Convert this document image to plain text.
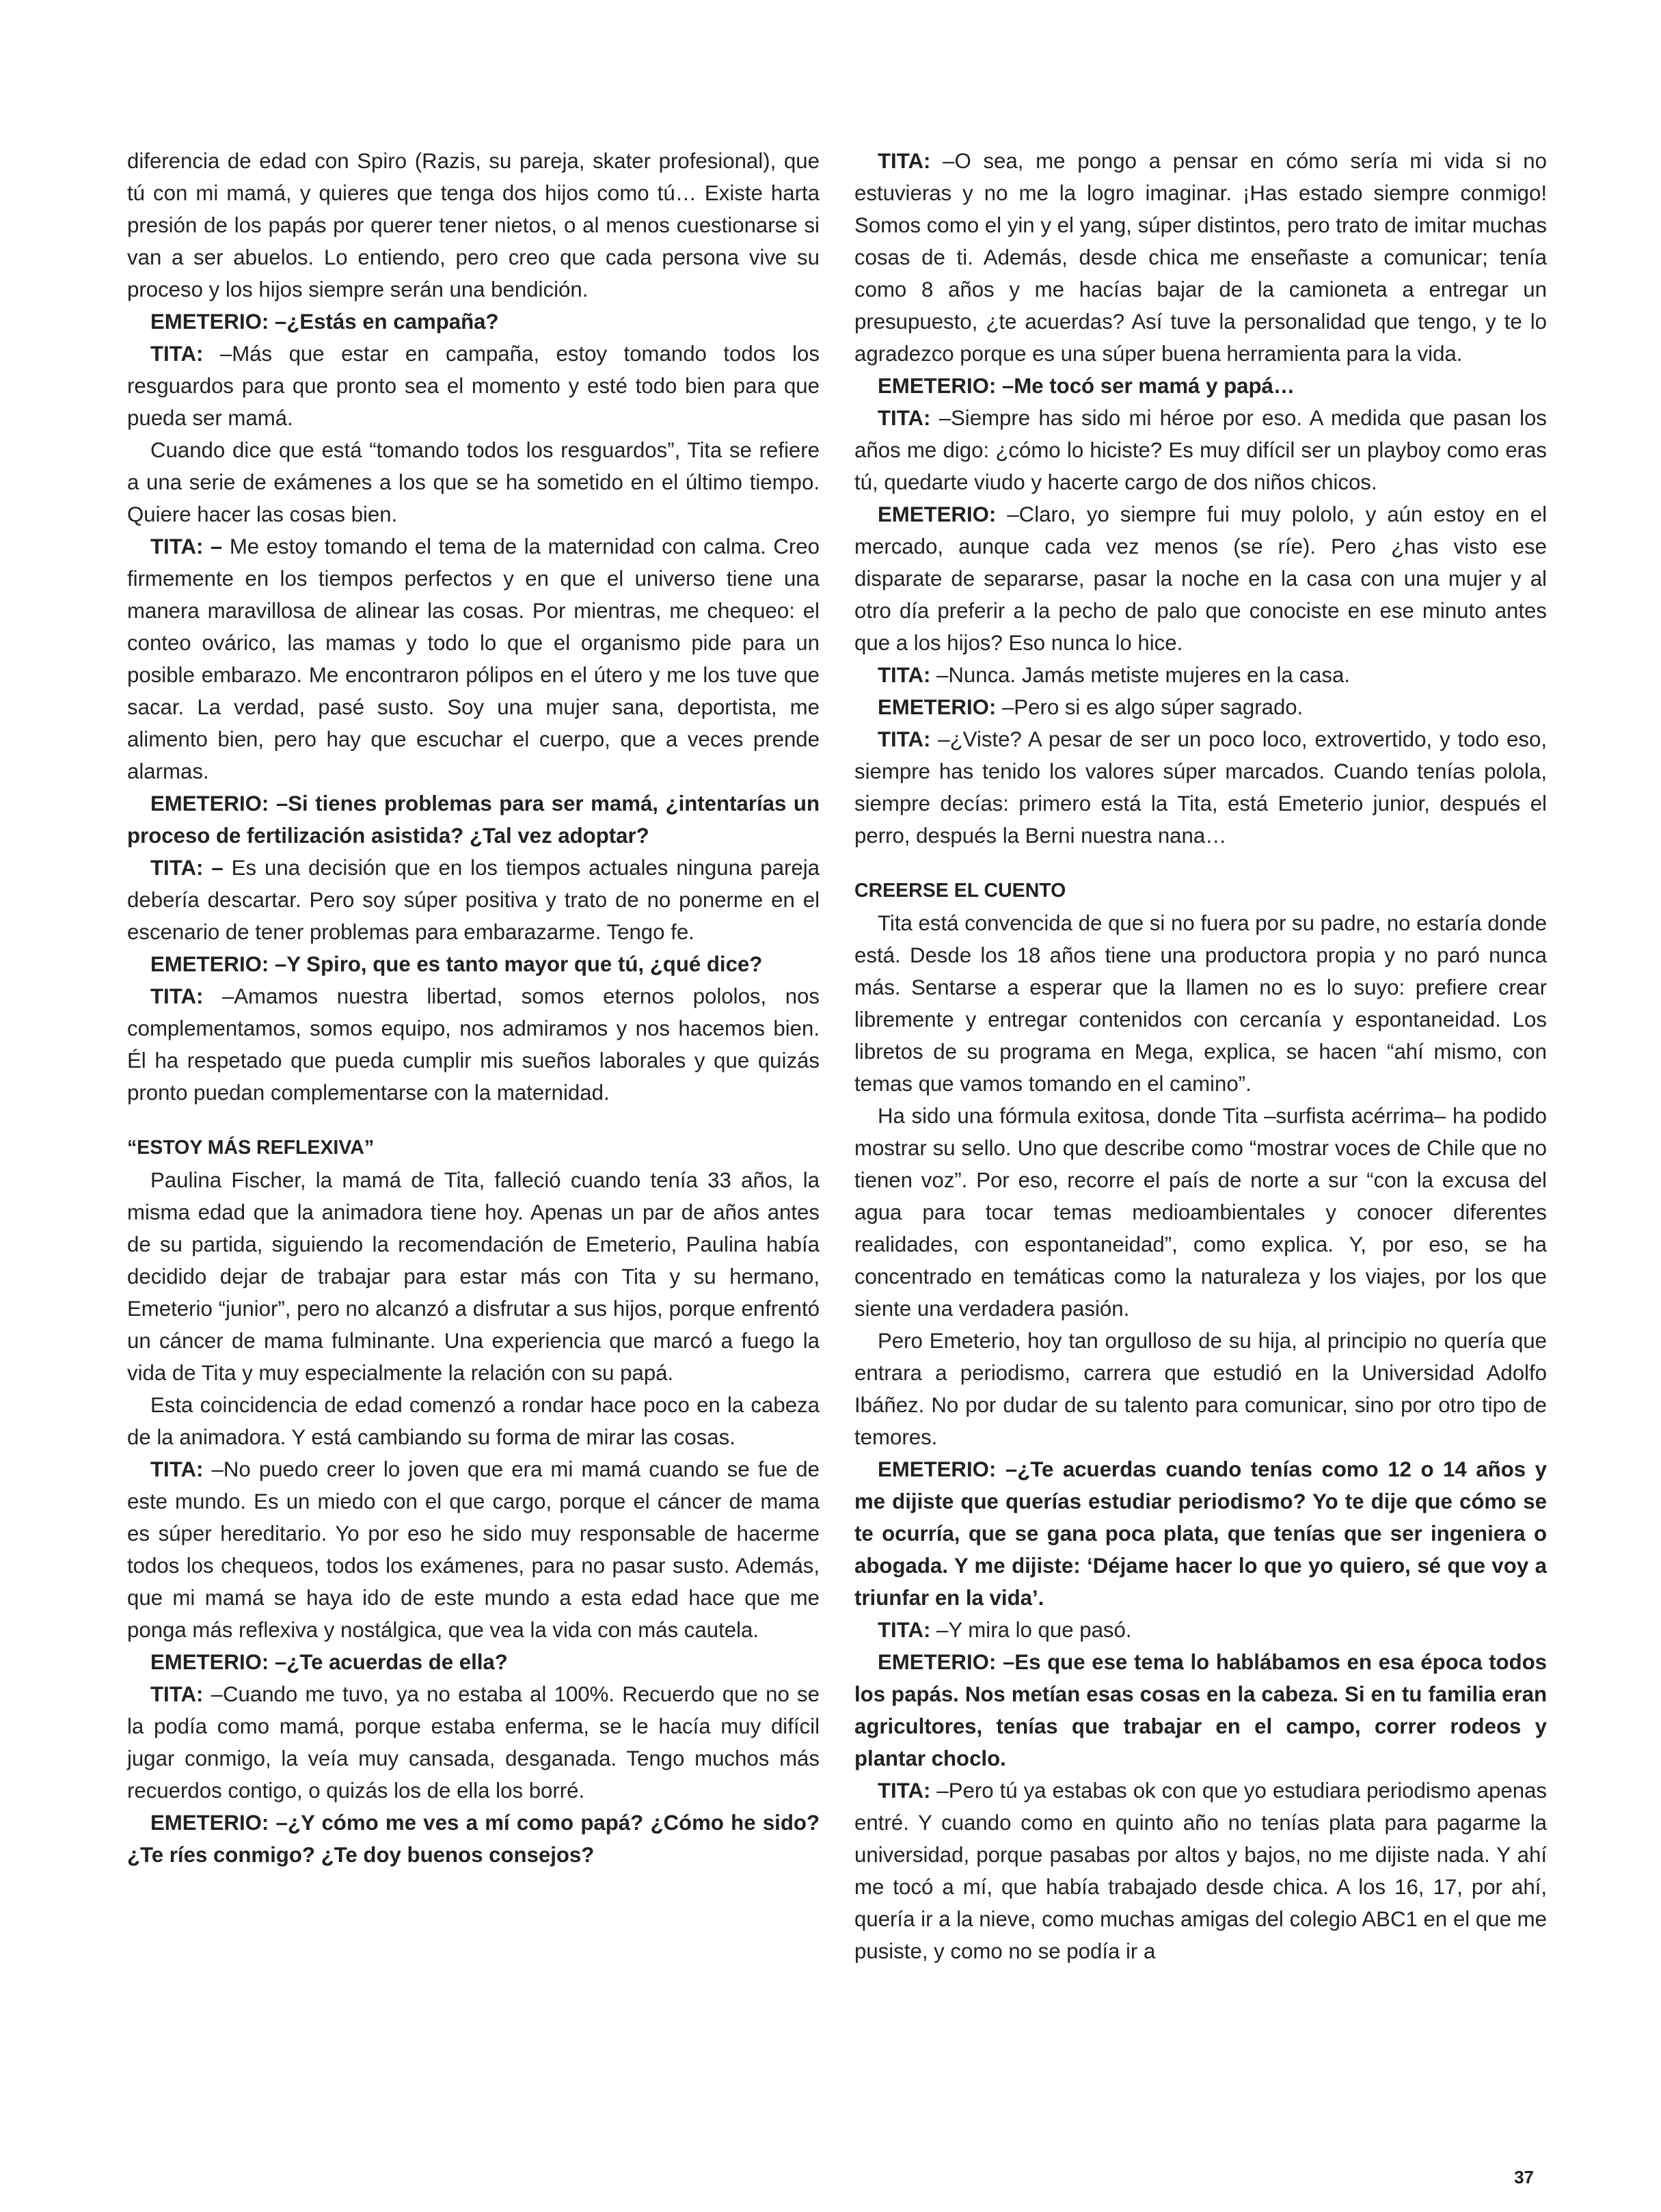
diferencia de edad con Spiro (Razis, su pareja, skater profesional), que tú con mi mamá, y quieres que tenga dos hijos como tú… Existe harta presión de los papás por querer tener nietos, o al menos cuestionarse si van a ser abuelos. Lo entiendo, pero creo que cada persona vive su proceso y los hijos siempre serán una bendición.

EMETERIO: –¿Estás en campaña?

TITA: –Más que estar en campaña, estoy tomando todos los resguardos para que pronto sea el momento y esté todo bien para que pueda ser mamá.

Cuando dice que está “tomando todos los resguardos”, Tita se refiere a una serie de exámenes a los que se ha sometido en el último tiempo. Quiere hacer las cosas bien.

TITA: – Me estoy tomando el tema de la maternidad con calma. Creo firmemente en los tiempos perfectos y en que el universo tiene una manera maravillosa de alinear las cosas. Por mientras, me chequeo: el conteo ovárico, las mamas y todo lo que el organismo pide para un posible embarazo. Me encontraron pólipos en el útero y me los tuve que sacar. La verdad, pasé susto. Soy una mujer sana, deportista, me alimento bien, pero hay que escuchar el cuerpo, que a veces prende alarmas.

EMETERIO: –Si tienes problemas para ser mamá, ¿intentarías un proceso de fertilización asistida? ¿Tal vez adoptar?

TITA: – Es una decisión que en los tiempos actuales ninguna pareja debería descartar. Pero soy súper positiva y trato de no ponerme en el escenario de tener problemas para embarazarme. Tengo fe.

EMETERIO: –Y Spiro, que es tanto mayor que tú, ¿qué dice?

TITA: –Amamos nuestra libertad, somos eternos pololos, nos complementamos, somos equipo, nos admiramos y nos hacemos bien. Él ha respetado que pueda cumplir mis sueños laborales y que quizás pronto puedan complementarse con la maternidad.

“ESTOY MÁS REFLEXIVA”

Paulina Fischer, la mamá de Tita, falleció cuando tenía 33 años, la misma edad que la animadora tiene hoy. Apenas un par de años antes de su partida, siguiendo la recomendación de Emeterio, Paulina había decidido dejar de trabajar para estar más con Tita y su hermano, Emeterio “junior”, pero no alcanzó a disfrutar a sus hijos, porque enfrentó un cáncer de mama fulminante. Una experiencia que marcó a fuego la vida de Tita y muy especialmente la relación con su papá.

Esta coincidencia de edad comenzó a rondar hace poco en la cabeza de la animadora. Y está cambiando su forma de mirar las cosas.

TITA: –No puedo creer lo joven que era mi mamá cuando se fue de este mundo. Es un miedo con el que cargo, porque el cáncer de mama es súper hereditario. Yo por eso he sido muy responsable de hacerme todos los chequeos, todos los exámenes, para no pasar susto. Además, que mi mamá se haya ido de este mundo a esta edad hace que me ponga más reflexiva y nostálgica, que vea la vida con más cautela.

EMETERIO: –¿Te acuerdas de ella?

TITA: –Cuando me tuvo, ya no estaba al 100%. Recuerdo que no se la podía como mamá, porque estaba enferma, se le hacía muy difícil jugar conmigo, la veía muy cansada, desganada. Tengo muchos más recuerdos contigo, o quizás los de ella los borré.

EMETERIO: –¿Y cómo me ves a mí como papá? ¿Cómo he sido? ¿Te ríes conmigo? ¿Te doy buenos consejos?

TITA: –O sea, me pongo a pensar en cómo sería mi vida si no estuvieras y no me la logro imaginar. ¡Has estado siempre conmigo! Somos como el yin y el yang, súper distintos, pero trato de imitar muchas cosas de ti. Además, desde chica me enseñaste a comunicar; tenía como 8 años y me hacías bajar de la camioneta a entregar un presupuesto, ¿te acuerdas? Así tuve la personalidad que tengo, y te lo agradezco porque es una súper buena herramienta para la vida.

EMETERIO: –Me tocó ser mamá y papá…

TITA: –Siempre has sido mi héroe por eso. A medida que pasan los años me digo: ¿cómo lo hiciste? Es muy difícil ser un playboy como eras tú, quedarte viudo y hacerte cargo de dos niños chicos.

EMETERIO: –Claro, yo siempre fui muy pololo, y aún estoy en el mercado, aunque cada vez menos (se ríe). Pero ¿has visto ese disparate de separarse, pasar la noche en la casa con una mujer y al otro día preferir a la pecho de palo que conociste en ese minuto antes que a los hijos? Eso nunca lo hice.

TITA: –Nunca. Jamás metiste mujeres en la casa.

EMETERIO: –Pero si es algo súper sagrado.

TITA: –¿Viste? A pesar de ser un poco loco, extrovertido, y todo eso, siempre has tenido los valores súper marcados. Cuando tenías polola, siempre decías: primero está la Tita, está Emeterio junior, después el perro, después la Berni nuestra nana…

CREERSE EL CUENTO

Tita está convencida de que si no fuera por su padre, no estaría donde está. Desde los 18 años tiene una productora propia y no paró nunca más. Sentarse a esperar que la llamen no es lo suyo: prefiere crear libremente y entregar contenidos con cercanía y espontaneidad. Los libretos de su programa en Mega, explica, se hacen “ahí mismo, con temas que vamos tomando en el camino”.

Ha sido una fórmula exitosa, donde Tita –surfista acérrima– ha podido mostrar su sello. Uno que describe como “mostrar voces de Chile que no tienen voz”. Por eso, recorre el país de norte a sur “con la excusa del agua para tocar temas medioambientales y conocer diferentes realidades, con espontaneidad”, como explica. Y, por eso, se ha concentrado en temáticas como la naturaleza y los viajes, por los que siente una verdadera pasión.

Pero Emeterio, hoy tan orgulloso de su hija, al principio no quería que entrara a periodismo, carrera que estudió en la Universidad Adolfo Ibáñez. No por dudar de su talento para comunicar, sino por otro tipo de temores.

EMETERIO: –¿Te acuerdas cuando tenías como 12 o 14 años y me dijiste que querías estudiar periodismo? Yo te dije que cómo se te ocurría, que se gana poca plata, que tenías que ser ingeniera o abogada. Y me dijiste: ‘Déjame hacer lo que yo quiero, sé que voy a triunfar en la vida’.

TITA: –Y mira lo que pasó.

EMETERIO: –Es que ese tema lo hablábamos en esa época todos los papás. Nos metían esas cosas en la cabeza. Si en tu familia eran agricultores, tenías que trabajar en el campo, correr rodeos y plantar choclo.

TITA: –Pero tú ya estabas ok con que yo estudiara periodismo apenas entré. Y cuando como en quinto año no tenías plata para pagarme la universidad, porque pasabas por altos y bajos, no me dijiste nada. Y ahí me tocó a mí, que había trabajado desde chica. A los 16, 17, por ahí, quería ir a la nieve, como muchas amigas del colegio ABC1 en el que me pusiste, y como no se podía ir a

37
